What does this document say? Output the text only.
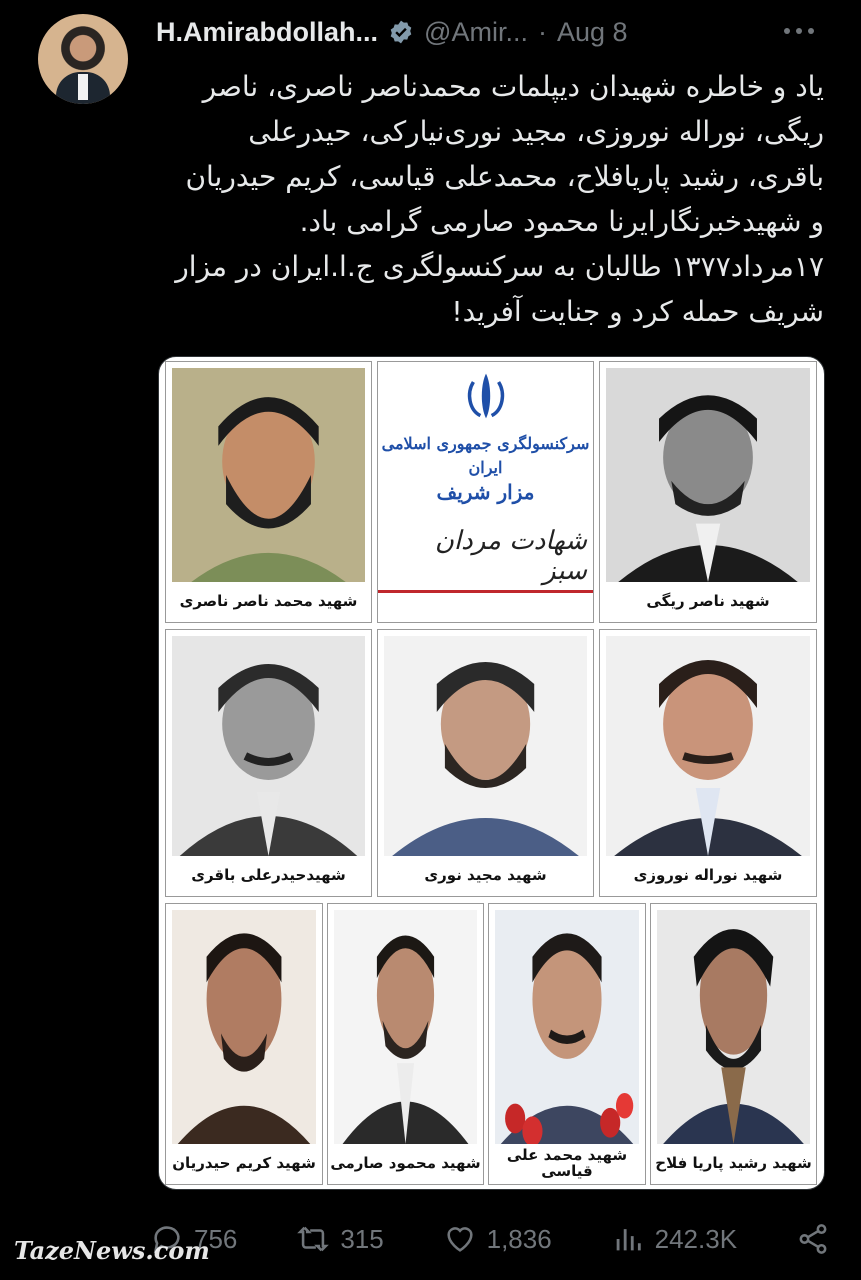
H.Amirabdollah... @Amir... · Aug 8

یاد و خاطره شهیدان دیپلمات محمدناصر ناصری، ناصر

ریگی، نوراله نوروزی، مجید نوری‌نیارکی، حیدرعلی

باقری، رشید پاریافلاح، محمدعلی قیاسی، کریم حیدریان

و شهیدخبرنگارایرنا محمود صارمی گرامی باد.

۱۷مرداد۱۳۷۷ طالبان به سرکنسولگری ج.ا.ایران در مزار

شریف حمله کرد و جنایت آفرید!

شهید محمد ناصر ناصری
سرکنسولگری جمهوری اسلامی ایران
مزار شریف
شهادت مردان سبز
شهید ناصر ریگی
شهیدحیدرعلی باقری	شهید مجید نوری	شهید نوراله نوروزی
شهید کریم حیدریان شهید محمود صارمی	شهید محمد علی قیاسی	شهید رشید پاریا فلاح
756	315	1,836	242.3K
TazeNews.com
